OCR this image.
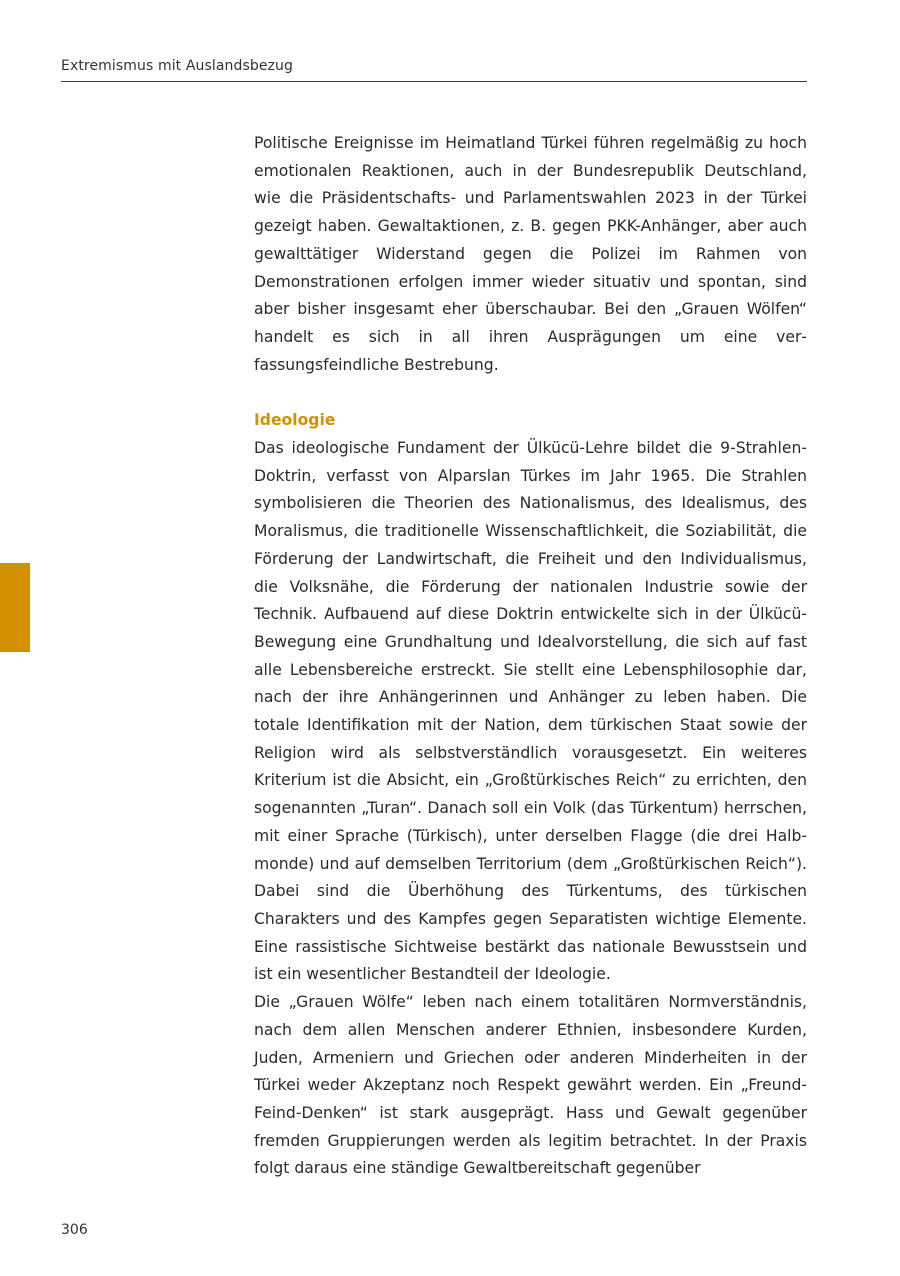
Extremismus mit Auslandsbezug

Politische Ereignisse im Heimatland Türkei führen regelmäßig zu hoch emotionalen Reaktionen, auch in der Bundesrepublik Deutschland, wie die Präsidentschafts- und Parlamentswahlen 2023 in der Türkei gezeigt haben. Gewaltaktionen, z. B. gegen PKK-Anhänger, aber auch gewalttätiger Widerstand gegen die Polizei im Rahmen von Demonstrationen erfolgen immer wieder situativ und spontan, sind aber bisher insgesamt eher überschaubar. Bei den „Grauen Wölfen“ handelt es sich in all ihren Ausprägungen um eine verfassungsfeindliche Bestrebung.

Ideologie

Das ideologische Fundament der Ülkücü-Lehre bildet die 9-Strahlen-Doktrin, verfasst von Alparslan Türkes im Jahr 1965. Die Strahlen symbolisieren die Theorien des Nationalismus, des Idealismus, des Moralismus, die traditionelle Wissenschaftlichkeit, die Soziabilität, die Förderung der Landwirtschaft, die Freiheit und den Individualismus, die Volksnähe, die Förderung der nationalen Industrie sowie der Technik. Aufbauend auf diese Doktrin entwickelte sich in der Ülkücü-Bewegung eine Grundhaltung und Idealvorstellung, die sich auf fast alle Lebensbereiche erstreckt. Sie stellt eine Lebensphilosophie dar, nach der ihre Anhängerinnen und Anhänger zu leben haben. Die totale Identifikation mit der Nation, dem türkischen Staat sowie der Religion wird als selbstverständlich vorausgesetzt. Ein weiteres Kriterium ist die Absicht, ein „Großtürkisches Reich“ zu errichten, den sogenannten „Turan“. Danach soll ein Volk (das Türkentum) herrschen, mit einer Sprache (Türkisch), unter derselben Flagge (die drei Halbmonde) und auf demselben Territorium (dem „Großtürkischen Reich“). Dabei sind die Überhöhung des Türkentums, des türkischen Charakters und des Kampfes gegen Separatisten wichtige Elemente. Eine rassistische Sichtweise bestärkt das nationale Bewusstsein und ist ein wesentlicher Bestandteil der Ideologie.

Die „Grauen Wölfe“ leben nach einem totalitären Normverständnis, nach dem allen Menschen anderer Ethnien, insbesondere Kurden, Juden, Armeniern und Griechen oder anderen Minderheiten in der Türkei weder Akzeptanz noch Respekt gewährt werden. Ein „Freund-Feind-Denken“ ist stark ausgeprägt. Hass und Gewalt gegenüber fremden Gruppierungen werden als legitim betrachtet. In der Praxis folgt daraus eine ständige Gewaltbereitschaft gegenüber

306
